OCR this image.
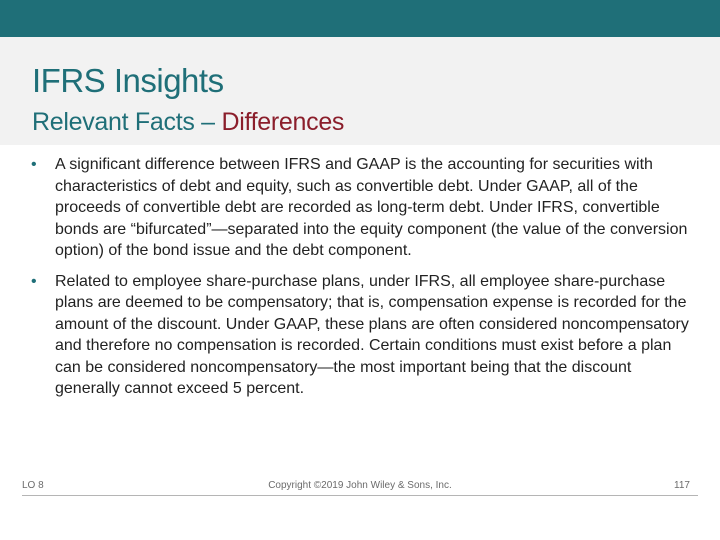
IFRS Insights
Relevant Facts – Differences
• A significant difference between IFRS and GAAP is the accounting for securities with characteristics of debt and equity, such as convertible debt. Under GAAP, all of the proceeds of convertible debt are recorded as long-term debt. Under IFRS, convertible bonds are “bifurcated”—separated into the equity component (the value of the conversion option) of the bond issue and the debt component.
• Related to employee share-purchase plans, under IFRS, all employee share-purchase plans are deemed to be compensatory; that is, compensation expense is recorded for the amount of the discount. Under GAAP, these plans are often considered noncompensatory and therefore no compensation is recorded. Certain conditions must exist before a plan can be considered noncompensatory—the most important being that the discount generally cannot exceed 5 percent.
LO 8	Copyright ©2019 John Wiley & Sons, Inc.	117
